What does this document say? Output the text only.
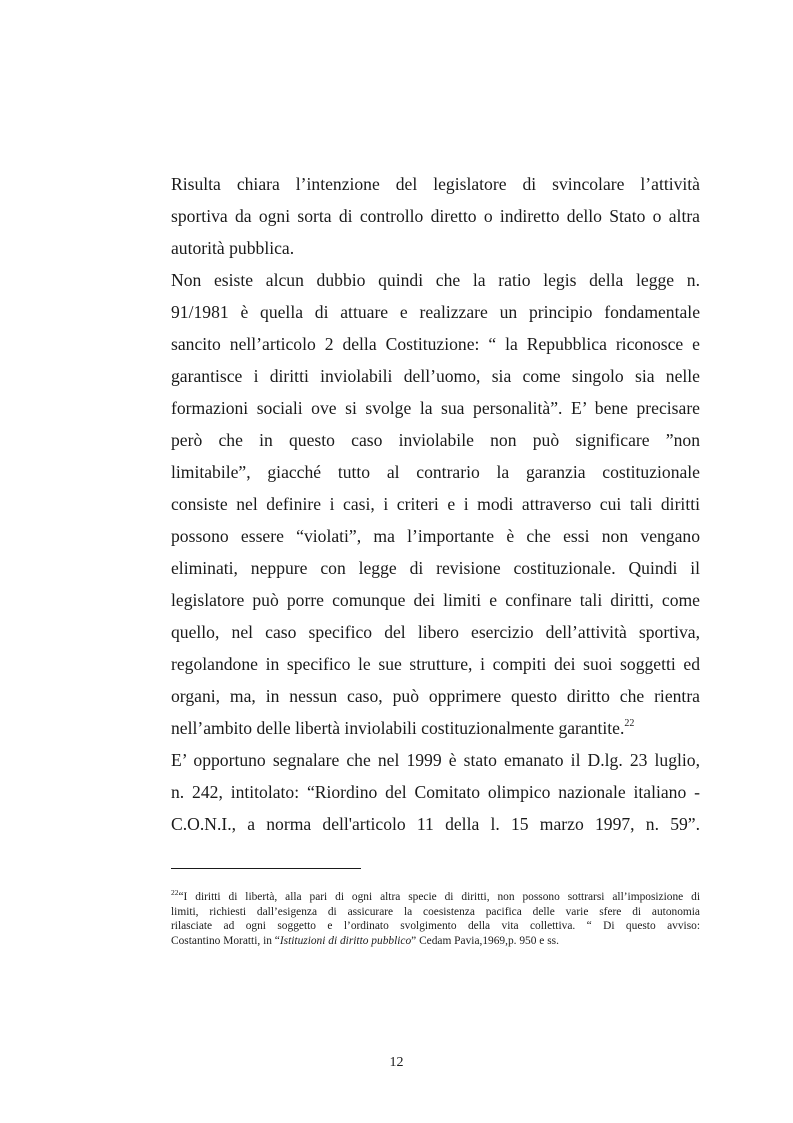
Risulta chiara l’intenzione del legislatore di svincolare l’attività
sportiva da ogni sorta di controllo diretto o indiretto dello Stato o altra
autorità pubblica.
Non esiste alcun dubbio quindi che la ratio legis della legge n.
91/1981 è quella di attuare e realizzare un principio fondamentale
sancito nell’articolo 2 della Costituzione: “ la Repubblica riconosce e
garantisce i diritti inviolabili dell’uomo, sia come singolo sia nelle
formazioni sociali ove si svolge la sua personalità”. E’ bene precisare
però che in questo caso inviolabile non può significare ”non
limitabile”, giacché tutto al contrario la garanzia costituzionale
consiste nel definire i casi, i criteri e i modi attraverso cui tali diritti
possono essere “violati”, ma l’importante è che essi non vengano
eliminati, neppure con legge di revisione costituzionale. Quindi il
legislatore può porre comunque dei limiti e confinare tali diritti, come
quello, nel caso specifico del libero esercizio dell’attività sportiva,
regolandone in specifico le sue strutture, i compiti dei suoi soggetti ed
organi, ma, in nessun caso, può opprimere questo diritto che rientra
nell’ambito delle libertà inviolabili costituzionalmente garantite.$^{22}$
E’ opportuno segnalare che nel 1999 è stato emanato il D.lg. 23 luglio,
n. 242, intitolato: “Riordino del Comitato olimpico nazionale italiano -
C.O.N.I., a norma dell'articolo 11 della l. 15 marzo 1997, n. 59”.
$^{22}$“I diritti di libertà, alla pari di ogni altra specie di diritti, non possono sottrarsi all’imposizione di
limiti, richiesti dall’esigenza di assicurare la coesistenza pacifica delle varie sfere di autonomia
rilasciate ad ogni soggetto e l’ordinato svolgimento della vita collettiva. “ Di questo avviso:
Costantino Moratti, in “Istituzioni di diritto pubblico” Cedam Pavia,1969,p. 950 e ss.
12
